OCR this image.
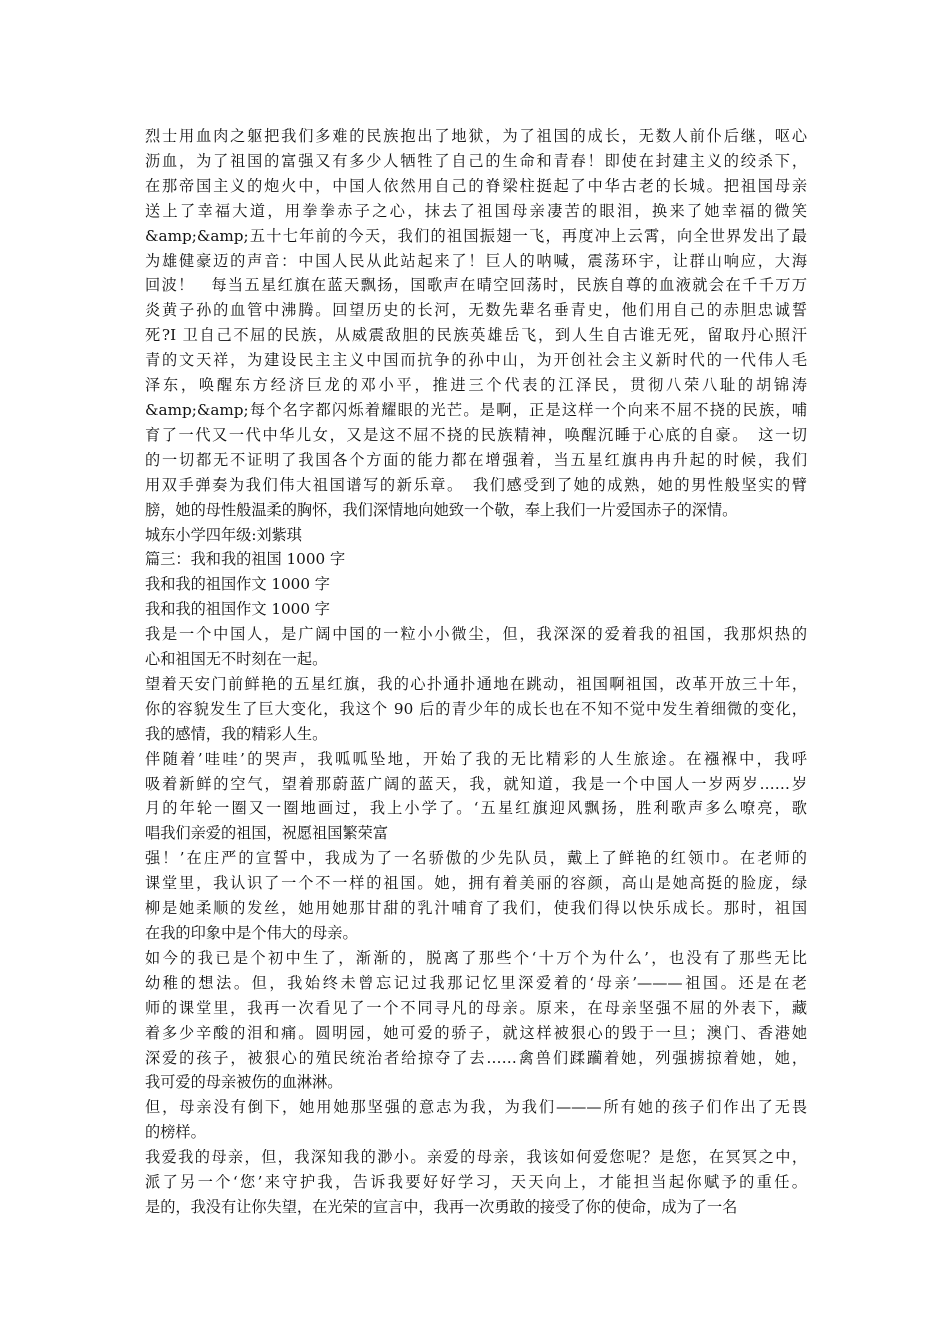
烈士用血肉之躯把我们多难的民族抱出了地狱，为了祖国的成长，无数人前仆后继，呕心
沥血，为了祖国的富强又有多少人牺牲了自己的生命和青春！即使在封建主义的绞杀下，
在那帝国主义的炮火中，中国人依然用自己的脊梁柱挺起了中华古老的长城。把祖国母亲
送上了幸福大道，用拳拳赤子之心，抹去了祖国母亲凄苦的眼泪，换来了她幸福的微笑
&amp;&amp;五十七年前的今天，我们的祖国振翅一飞，再度冲上云霄，向全世界发出了最
为雄健豪迈的声音：中国人民从此站起来了！巨人的呐喊，震荡环宇，让群山响应，大海
回波！　每当五星红旗在蓝天飘扬，国歌声在晴空回荡时，民族自尊的血液就会在千千万万
炎黄子孙的血管中沸腾。回望历史的长河，无数先辈名垂青史，他们用自己的赤胆忠诚誓
死?I 卫自己不屈的民族，从威震敌胆的民族英雄岳飞，到人生自古谁无死，留取丹心照汗
青的文天祥，为建设民主主义中国而抗争的孙中山，为开创社会主义新时代的一代伟人毛
泽东，唤醒东方经济巨龙的邓小平，推进三个代表的江泽民，贯彻八荣八耻的胡锦涛
&amp;&amp;每个名字都闪烁着耀眼的光芒。是啊，正是这样一个向来不屈不挠的民族，哺
育了一代又一代中华儿女，又是这不屈不挠的民族精神，唤醒沉睡于心底的自豪。　这一切
的一切都无不证明了我国各个方面的能力都在增强着，当五星红旗冉冉升起的时候，我们
用双手弹奏为我们伟大祖国谱写的新乐章。　我们感受到了她的成熟，她的男性般坚实的臂
膀，她的母性般温柔的胸怀，我们深情地向她致一个敬，奉上我们一片爱国赤子的深情。
城东小学四年级:刘紫琪
篇三：我和我的祖国 1000 字
我和我的祖国作文 1000 字
我和我的祖国作文 1000 字
我是一个中国人，是广阔中国的一粒小小微尘，但，我深深的爱着我的祖国，我那炽热的
心和祖国无不时刻在一起。
望着天安门前鲜艳的五星红旗，我的心扑通扑通地在跳动，祖国啊祖国，改革开放三十年，
你的容貌发生了巨大变化，我这个 90 后的青少年的成长也在不知不觉中发生着细微的变化，
我的感情，我的精彩人生。
伴随着’哇哇’的哭声，我呱呱坠地，开始了我的无比精彩的人生旅途。在襁褓中，我呼
吸着新鲜的空气，望着那蔚蓝广阔的蓝天，我，就知道，我是一个中国人一岁两岁……岁
月的年轮一圈又一圈地画过，我上小学了。‘五星红旗迎风飘扬，胜利歌声多么嘹亮，歌
唱我们亲爱的祖国，祝愿祖国繁荣富
强！’在庄严的宣誓中，我成为了一名骄傲的少先队员，戴上了鲜艳的红领巾。在老师的
课堂里，我认识了一个不一样的祖国。她，拥有着美丽的容颜，高山是她高挺的脸庞，绿
柳是她柔顺的发丝，她用她那甘甜的乳汁哺育了我们，使我们得以快乐成长。那时，祖国
在我的印象中是个伟大的母亲。
如今的我已是个初中生了，渐渐的，脱离了那些个‘十万个为什么’，也没有了那些无比
幼稚的想法。但，我始终未曾忘记过我那记忆里深爱着的‘母亲’———祖国。还是在老
师的课堂里，我再一次看见了一个不同寻凡的母亲。原来，在母亲坚强不屈的外表下，藏
着多少辛酸的泪和痛。圆明园，她可爱的骄子，就这样被狠心的毁于一旦；澳门、香港她
深爱的孩子，被狠心的殖民统治者给掠夺了去……禽兽们蹂躏着她，列强掳掠着她，她，
我可爱的母亲被伤的血淋淋。
但，母亲没有倒下，她用她那坚强的意志为我，为我们———所有她的孩子们作出了无畏
的榜样。
我爱我的母亲，但，我深知我的渺小。亲爱的母亲，我该如何爱您呢？是您，在冥冥之中，
派了另一个‘您’来守护我，告诉我要好好学习，天天向上，才能担当起你赋予的重任。
是的，我没有让你失望，在光荣的宣言中，我再一次勇敢的接受了你的使命，成为了一名
